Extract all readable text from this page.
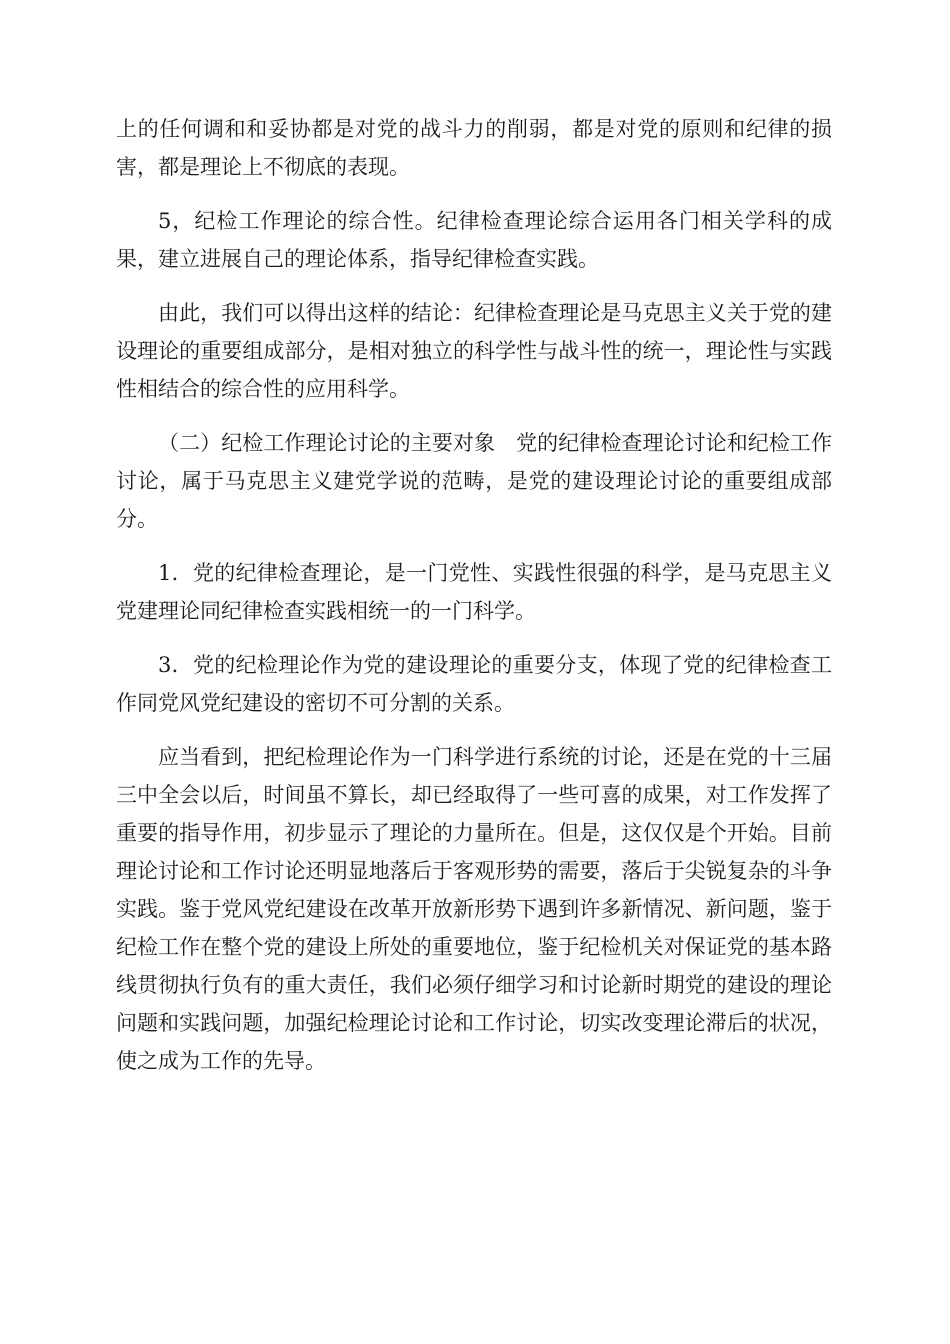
上的任何调和和妥协都是对党的战斗力的削弱，都是对党的原则和纪律的损害，都是理论上不彻底的表现。

5，纪检工作理论的综合性。纪律检查理论综合运用各门相关学科的成果，建立进展自己的理论体系，指导纪律检查实践。

由此，我们可以得出这样的结论：纪律检查理论是马克思主义关于党的建设理论的重要组成部分，是相对独立的科学性与战斗性的统一，理论性与实践性相结合的综合性的应用科学。

（二）纪检工作理论讨论的主要对象　党的纪律检查理论讨论和纪检工作讨论，属于马克思主义建党学说的范畴，是党的建设理论讨论的重要组成部分。

1．党的纪律检查理论，是一门党性、实践性很强的科学，是马克思主义党建理论同纪律检查实践相统一的一门科学。

3．党的纪检理论作为党的建设理论的重要分支，体现了党的纪律检查工作同党风党纪建设的密切不可分割的关系。

应当看到，把纪检理论作为一门科学进行系统的讨论，还是在党的十三届三中全会以后，时间虽不算长，却已经取得了一些可喜的成果，对工作发挥了重要的指导作用，初步显示了理论的力量所在。但是，这仅仅是个开始。目前理论讨论和工作讨论还明显地落后于客观形势的需要，落后于尖锐复杂的斗争实践。鉴于党风党纪建设在改革开放新形势下遇到许多新情况、新问题，鉴于纪检工作在整个党的建设上所处的重要地位，鉴于纪检机关对保证党的基本路线贯彻执行负有的重大责任，我们必须仔细学习和讨论新时期党的建设的理论问题和实践问题，加强纪检理论讨论和工作讨论，切实改变理论滞后的状况，使之成为工作的先导。
